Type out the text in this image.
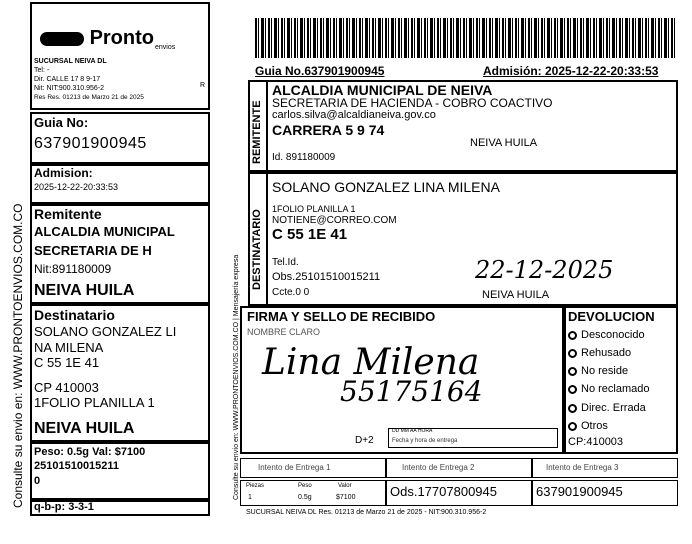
Consulte su envio en: WWW.PRONTOENVIOS.COM.CO
Pronto envios
SUCURSAL NEIVA DL
Tel: -
Dir. CALLE 17 8 9-17
Nit: NIT:900.310.956-2
Res Res. 01213 de Marzo 21 de 2025
R
Guia No:
637901900945
Admision:
2025-12-22-20:33:53
Remitente
ALCALDIA MUNICIPAL
SECRETARIA DE H
Nit:891180009
NEIVA HUILA
Destinatario
SOLANO GONZALEZ LI
NA MILENA
C 55 1E 41
CP 410003
1FOLIO PLANILLA 1
NEIVA HUILA
Peso: 0.5g Val: $7100
25101510015211
0
q-b-p: 3-3-1
Guia No.637901900945	Admisión: 2025-12-22-20:33:53
Consulte su envío en: WWW.PRONTOENVIOS.COM.CO | Mensajería expresa
REMITENTE
ALCALDIA MUNICIPAL DE NEIVA
SECRETARIA DE HACIENDA - COBRO COACTIVO
carlos.silva@alcaldianeiva.gov.co
CARRERA 5 9 74
NEIVA HUILA
Id. 891180009
DESTINATARIO
SOLANO GONZALEZ LINA MILENA
1FOLIO PLANILLA 1
NOTIENE@CORREO.COM
C 55 1E 41
Tel.Id.
Obs.25101510015211
Ccte.0 0
22-12-2025
NEIVA HUILA
FIRMA Y SELLO DE RECIBIDO
NOMBRE CLARO
Lina Milena
55175164
D+2
DD MM AA HORA
Fecha y hora de entrega
DEVOLUCION
Desconocido
Rehusado
No reside
No reclamado
Direc. Errada
Otros
CP:410003
Intento de Entrega 1	Intento de Entrega 2	Intento de Entrega 3
Piezas	Peso	Valor
1	0.5g	$7100	Ods.17707800945	637901900945
SUCURSAL NEIVA DL Res. 01213 de Marzo 21 de 2025 - NIT:900.310.956-2
